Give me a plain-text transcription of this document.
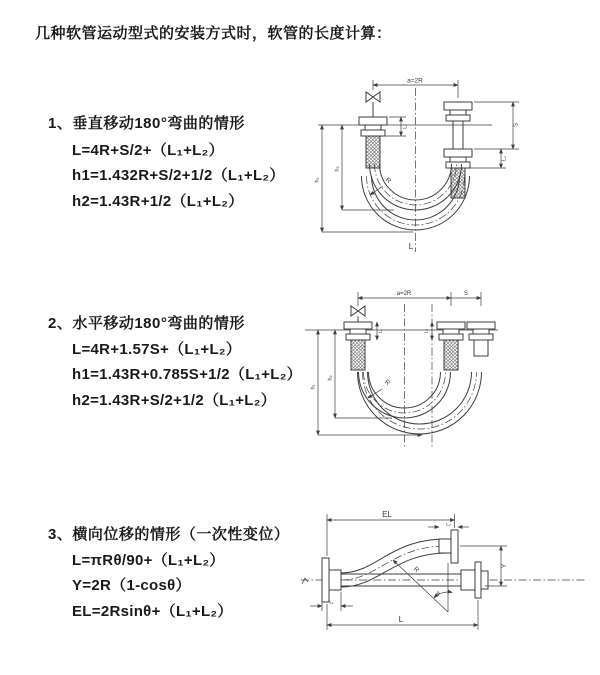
几种软管运动型式的安装方式时，软管的长度计算：
1、垂直移动180°弯曲的情形
L=4R+S/2+（L₁+L₂）
h1=1.432R+S/2+1/2（L₁+L₂）
h2=1.43R+1/2（L₁+L₂）
2、水平移动180°弯曲的情形
L=4R+1.57S+（L₁+L₂）
h1=1.43R+0.785S+1/2（L₁+L₂）
h2=1.43R+S/2+1/2（L₁+L₂）
3、横向位移的情形（一次性变位）
L=πRθ/90+（L₁+L₂）
Y=2R（1-cosθ）
EL=2Rsinθ+（L₁+L₂）
a=2R
L₁	S
L₂
h₁
h₂
R
L
a=2R	S
L₁	L₂
h₁
h₂
R
EL
L₂
Y
L
L₁
R
θ
